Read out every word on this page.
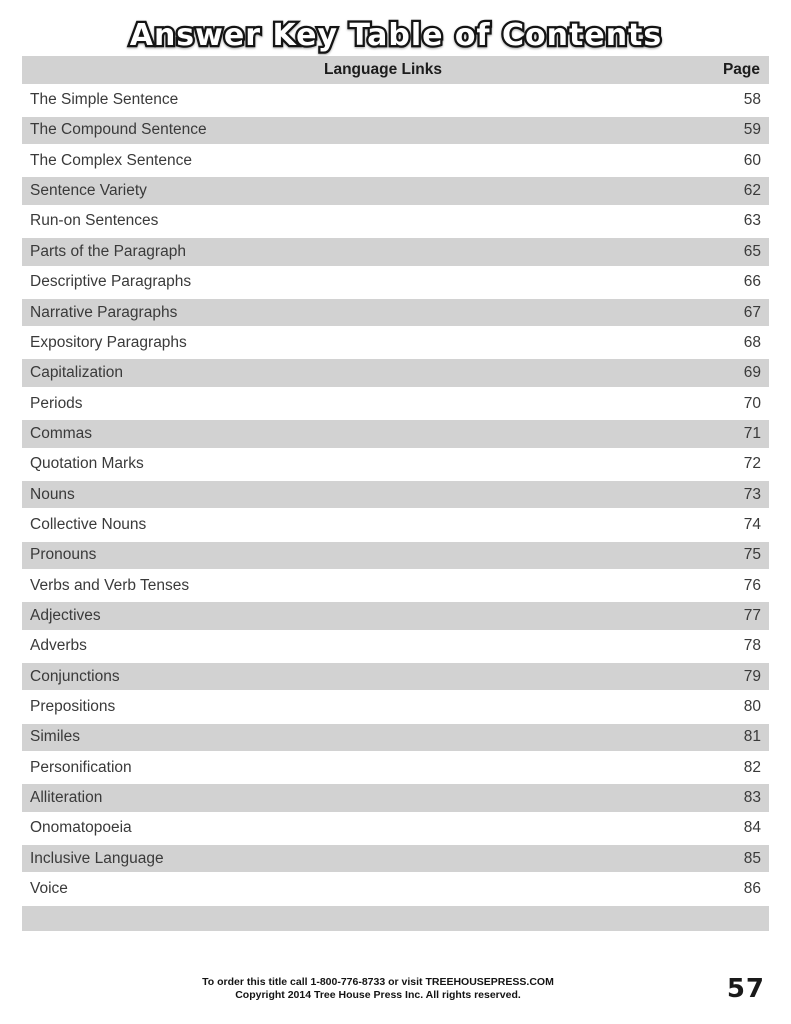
Answer Key Table of Contents
Language Links	Page
The Simple Sentence	58
The Compound Sentence	59
The Complex Sentence	60
Sentence Variety	62
Run-on Sentences	63
Parts of the Paragraph	65
Descriptive Paragraphs	66
Narrative Paragraphs	67
Expository Paragraphs	68
Capitalization	69
Periods	70
Commas	71
Quotation Marks	72
Nouns	73
Collective Nouns	74
Pronouns	75
Verbs and Verb Tenses	76
Adjectives	77
Adverbs	78
Conjunctions	79
Prepositions	80
Similes	81
Personification	82
Alliteration	83
Onomatopoeia	84
Inclusive Language	85
Voice	86
To order this title call 1-800-776-8733 or visit TREEHOUSEPRESS.COM
Copyright 2014 Tree House Press Inc. All rights reserved.	57
